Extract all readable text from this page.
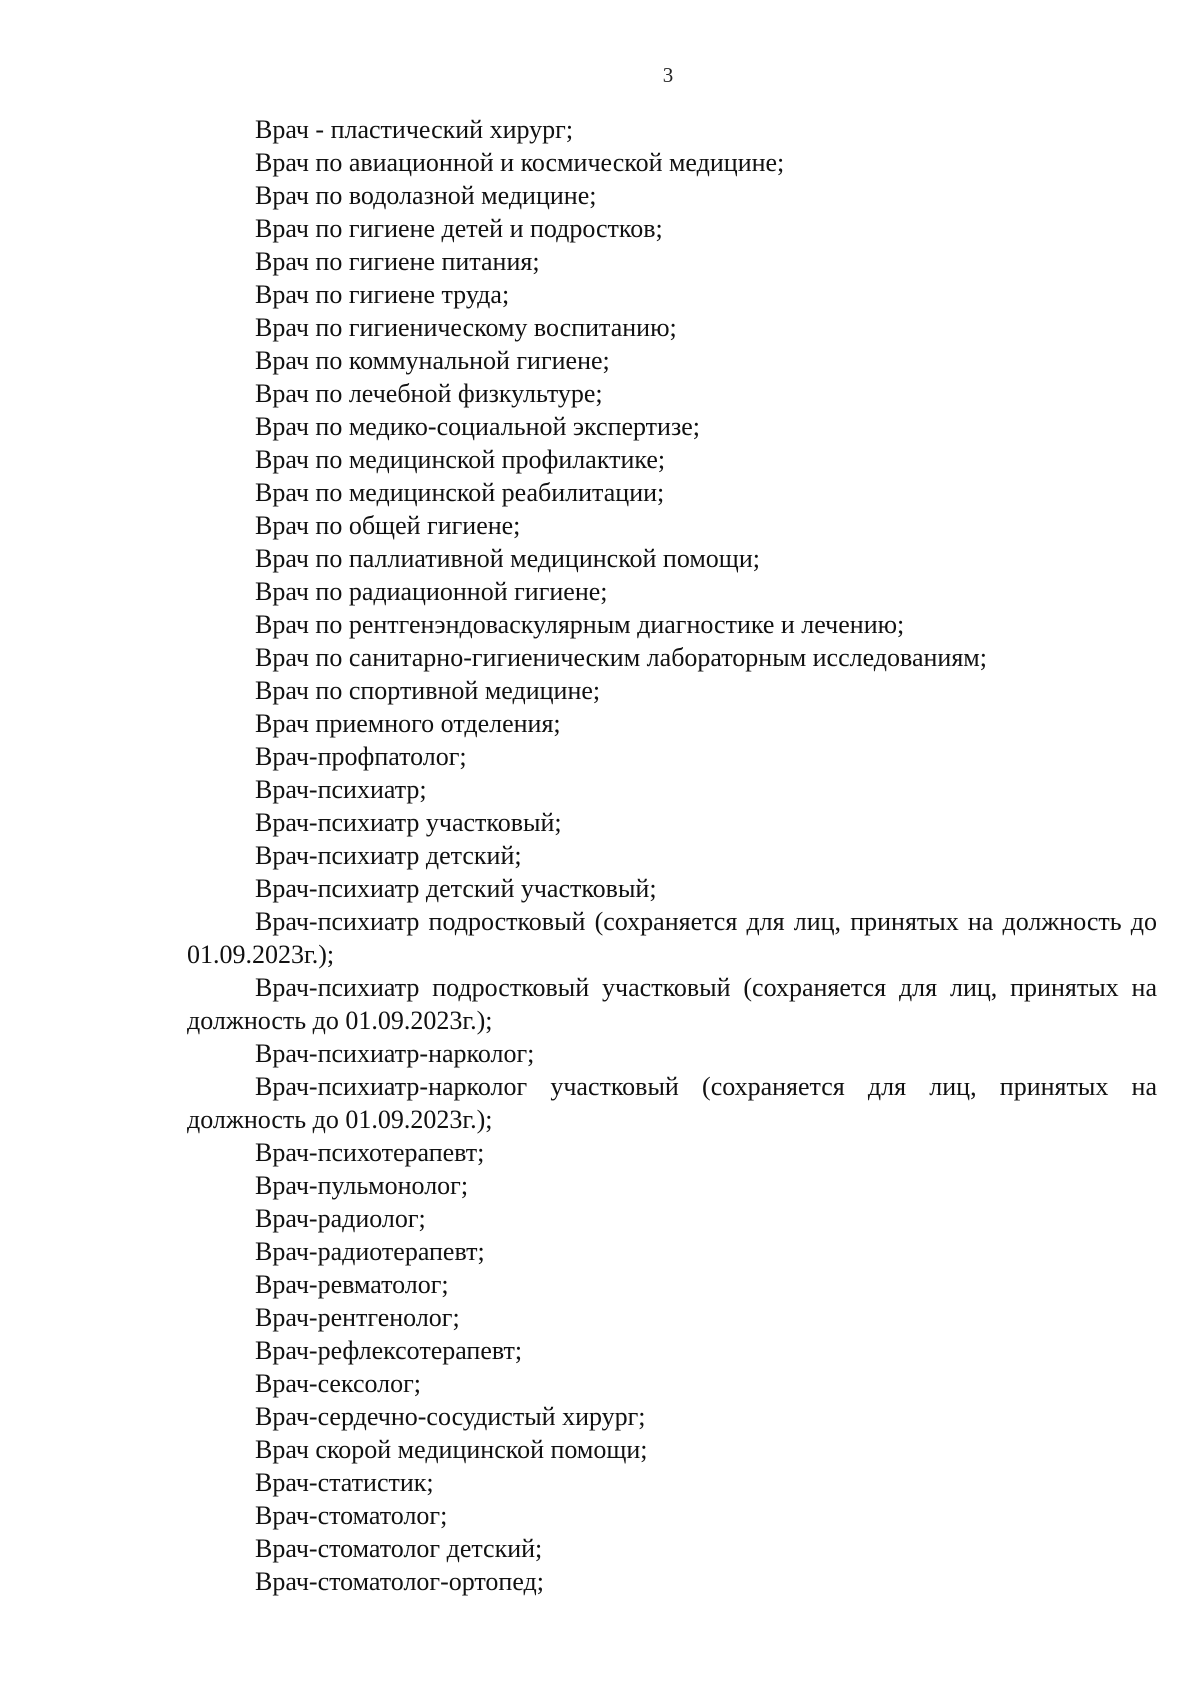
3

Врач - пластический хирург;

Врач по авиационной и космической медицине;

Врач по водолазной медицине;

Врач по гигиене детей и подростков;

Врач по гигиене питания;

Врач по гигиене труда;

Врач по гигиеническому воспитанию;

Врач по коммунальной гигиене;

Врач по лечебной физкультуре;

Врач по медико-социальной экспертизе;

Врач по медицинской профилактике;

Врач по медицинской реабилитации;

Врач по общей гигиене;

Врач по паллиативной медицинской помощи;

Врач по радиационной гигиене;

Врач по рентгенэндоваскулярным диагностике и лечению;

Врач по санитарно-гигиеническим лабораторным исследованиям;

Врач по спортивной медицине;

Врач приемного отделения;

Врач-профпатолог;

Врач-психиатр;

Врач-психиатр участковый;

Врач-психиатр детский;

Врач-психиатр детский участковый;

Врач-психиатр подростковый (сохраняется для лиц, принятых на должность до 01.09.2023г.);

Врач-психиатр подростковый участковый (сохраняется для лиц, принятых на должность до 01.09.2023г.);

Врач-психиатр-нарколог;

Врач-психиатр-нарколог участковый (сохраняется для лиц, принятых на должность до 01.09.2023г.);

Врач-психотерапевт;

Врач-пульмонолог;

Врач-радиолог;

Врач-радиотерапевт;

Врач-ревматолог;

Врач-рентгенолог;

Врач-рефлексотерапевт;

Врач-сексолог;

Врач-сердечно-сосудистый хирург;

Врач скорой медицинской помощи;

Врач-статистик;

Врач-стоматолог;

Врач-стоматолог детский;

Врач-стоматолог-ортопед;
